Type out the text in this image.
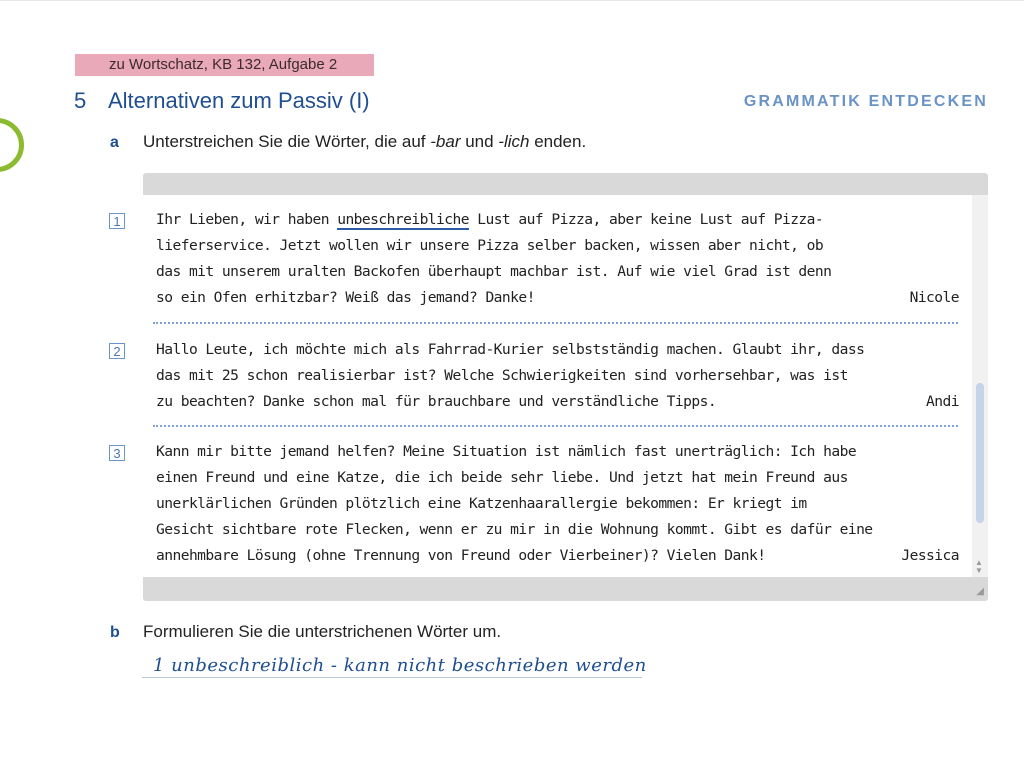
zu Wortschatz, KB 132, Aufgabe 2
5 Alternativen zum Passiv (I)	GRAMMATIK ENTDECKEN
a Unterstreichen Sie die Wörter, die auf -bar und -lich enden.
▲
▼
◢
1	Ihr Lieben, wir haben unbeschreibliche Lust auf Pizza, aber keine Lust auf Pizza-
lieferservice. Jetzt wollen wir unsere Pizza selber backen, wissen aber nicht, ob
das mit unserem uralten Backofen überhaupt machbar ist. Auf wie viel Grad ist denn
so ein Ofen erhitzbar? Weiß das jemand? Danke!	Nicole
2	Hallo Leute, ich möchte mich als Fahrrad-Kurier selbstständig machen. Glaubt ihr, dass
das mit 25 schon realisierbar ist? Welche Schwierigkeiten sind vorhersehbar, was ist
zu beachten? Danke schon mal für brauchbare und verständliche Tipps.	Andi
3	Kann mir bitte jemand helfen? Meine Situation ist nämlich fast unerträglich: Ich habe
einen Freund und eine Katze, die ich beide sehr liebe. Und jetzt hat mein Freund aus
unerklärlichen Gründen plötzlich eine Katzenhaarallergie bekommen: Er kriegt im
Gesicht sichtbare rote Flecken, wenn er zu mir in die Wohnung kommt. Gibt es dafür eine
annehmbare Lösung (ohne Trennung von Freund oder Vierbeiner)? Vielen Dank!	Jessica
b Formulieren Sie die unterstrichenen Wörter um.
1 unbeschreiblich - kann nicht beschrieben werden
